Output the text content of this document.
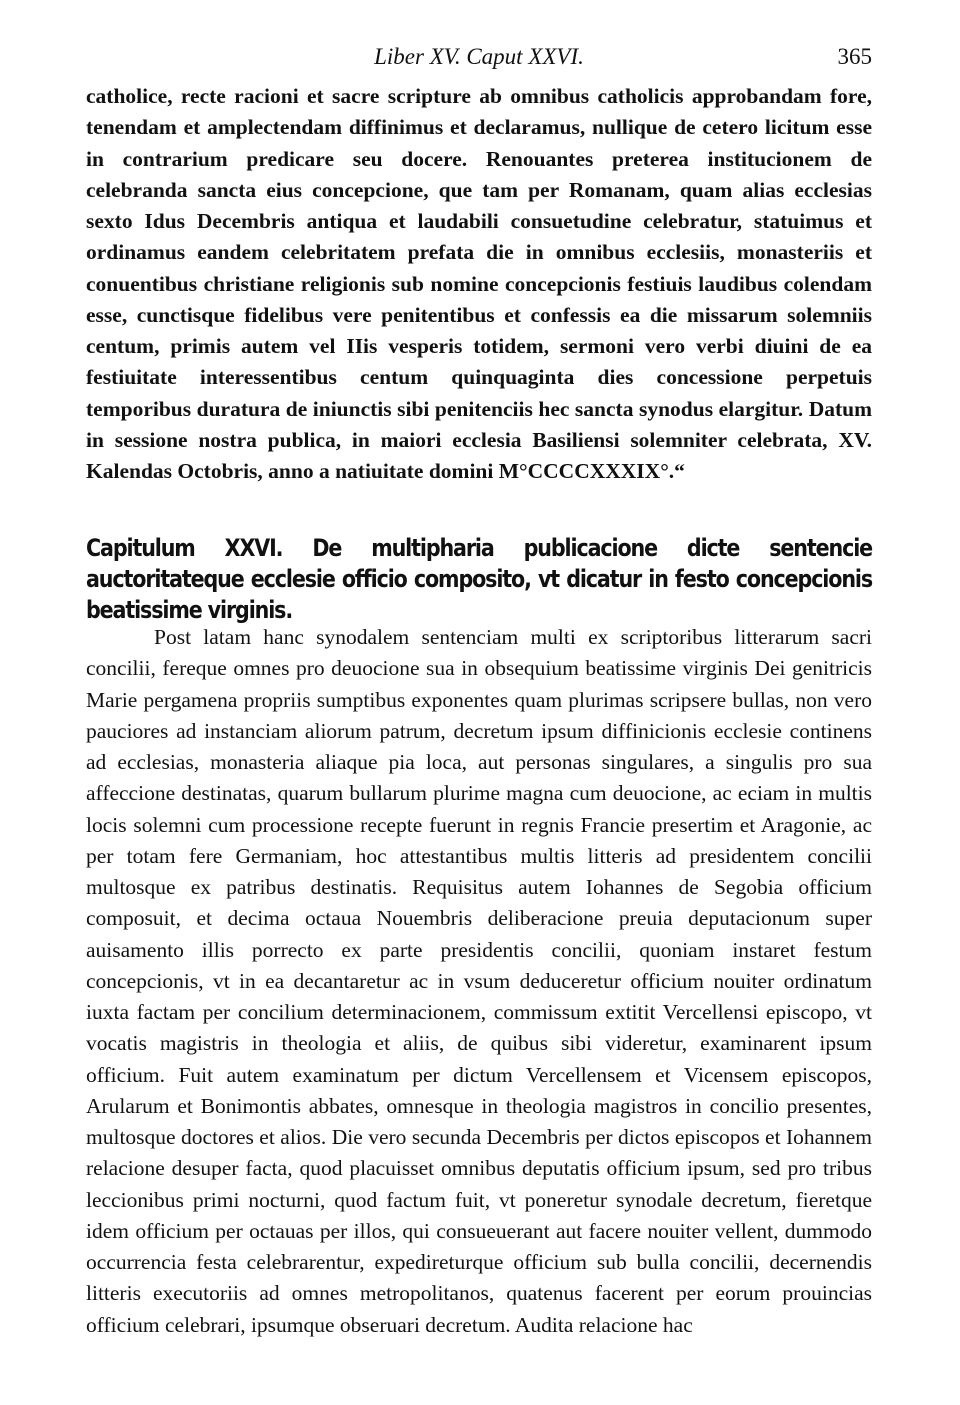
Liber XV. Caput XXVI.	365

catholice, recte racioni et sacre scripture ab omnibus catholicis approbandam fore, tenendam et amplectendam diffinimus et declaramus, nullique de cetero licitum esse in contrarium predicare seu docere. Renouantes preterea institucionem de celebranda sancta eius concepcione, que tam per Romanam, quam alias ecclesias sexto Idus Decembris antiqua et laudabili consuetudine celebratur, statuimus et ordinamus eandem celebritatem prefata die in omnibus ecclesiis, monasteriis et conuentibus christiane religionis sub nomine concepcionis festiuis laudibus colendam esse, cunctisque fidelibus vere penitentibus et confessis ea die missarum solemniis centum, primis autem vel IIis vesperis totidem, sermoni vero verbi diuini de ea festiuitate interessentibus centum quinquaginta dies concessione perpetuis temporibus duratura de iniunctis sibi penitenciis hec sancta synodus elargitur. Datum in sessione nostra publica, in maiori ecclesia Basiliensi solemniter celebrata, XV. Kalendas Octobris, anno a natiuitate domini M°CCCCXXXIX°.“

Capitulum XXVI. De multipharia publicacione dicte sentencie auctoritateque ecclesie officio composito, vt dicatur in festo concepcionis beatissime virginis.

Post latam hanc synodalem sentenciam multi ex scriptoribus litterarum sacri concilii, fereque omnes pro deuocione sua in obsequium beatissime virginis Dei genitricis Marie pergamena propriis sumptibus exponentes quam plurimas scripsere bullas, non vero pauciores ad instanciam aliorum patrum, decretum ipsum diffinicionis ecclesie continens ad ecclesias, monasteria aliaque pia loca, aut personas singulares, a singulis pro sua affeccione destinatas, quarum bullarum plurime magna cum deuocione, ac eciam in multis locis solemni cum processione recepte fuerunt in regnis Francie presertim et Aragonie, ac per totam fere Germaniam, hoc attestantibus multis litteris ad presidentem concilii multosque ex patribus destinatis. Requisitus autem Iohannes de Segobia officium composuit, et decima octaua Nouembris deliberacione preuia deputacionum super auisamento illis porrecto ex parte presidentis concilii, quoniam instaret festum concepcionis, vt in ea decantaretur ac in vsum deduceretur officium nouiter ordinatum iuxta factam per concilium determinacionem, commissum extitit Vercellensi episcopo, vt vocatis magistris in theologia et aliis, de quibus sibi videretur, examinarent ipsum officium. Fuit autem examinatum per dictum Vercellensem et Vicensem episcopos, Arularum et Bonimontis abbates, omnesque in theologia magistros in concilio presentes, multosque doctores et alios. Die vero secunda Decembris per dictos episcopos et Iohannem relacione desuper facta, quod placuisset omnibus deputatis officium ipsum, sed pro tribus leccionibus primi nocturni, quod factum fuit, vt poneretur synodale decretum, fieretque idem officium per octauas per illos, qui consueuerant aut facere nouiter vellent, dummodo occurrencia festa celebrarentur, expedireturque officium sub bulla concilii, decernendis litteris executoriis ad omnes metropolitanos, quatenus facerent per eorum prouincias officium celebrari, ipsumque obseruari decretum. Audita relacione hac
